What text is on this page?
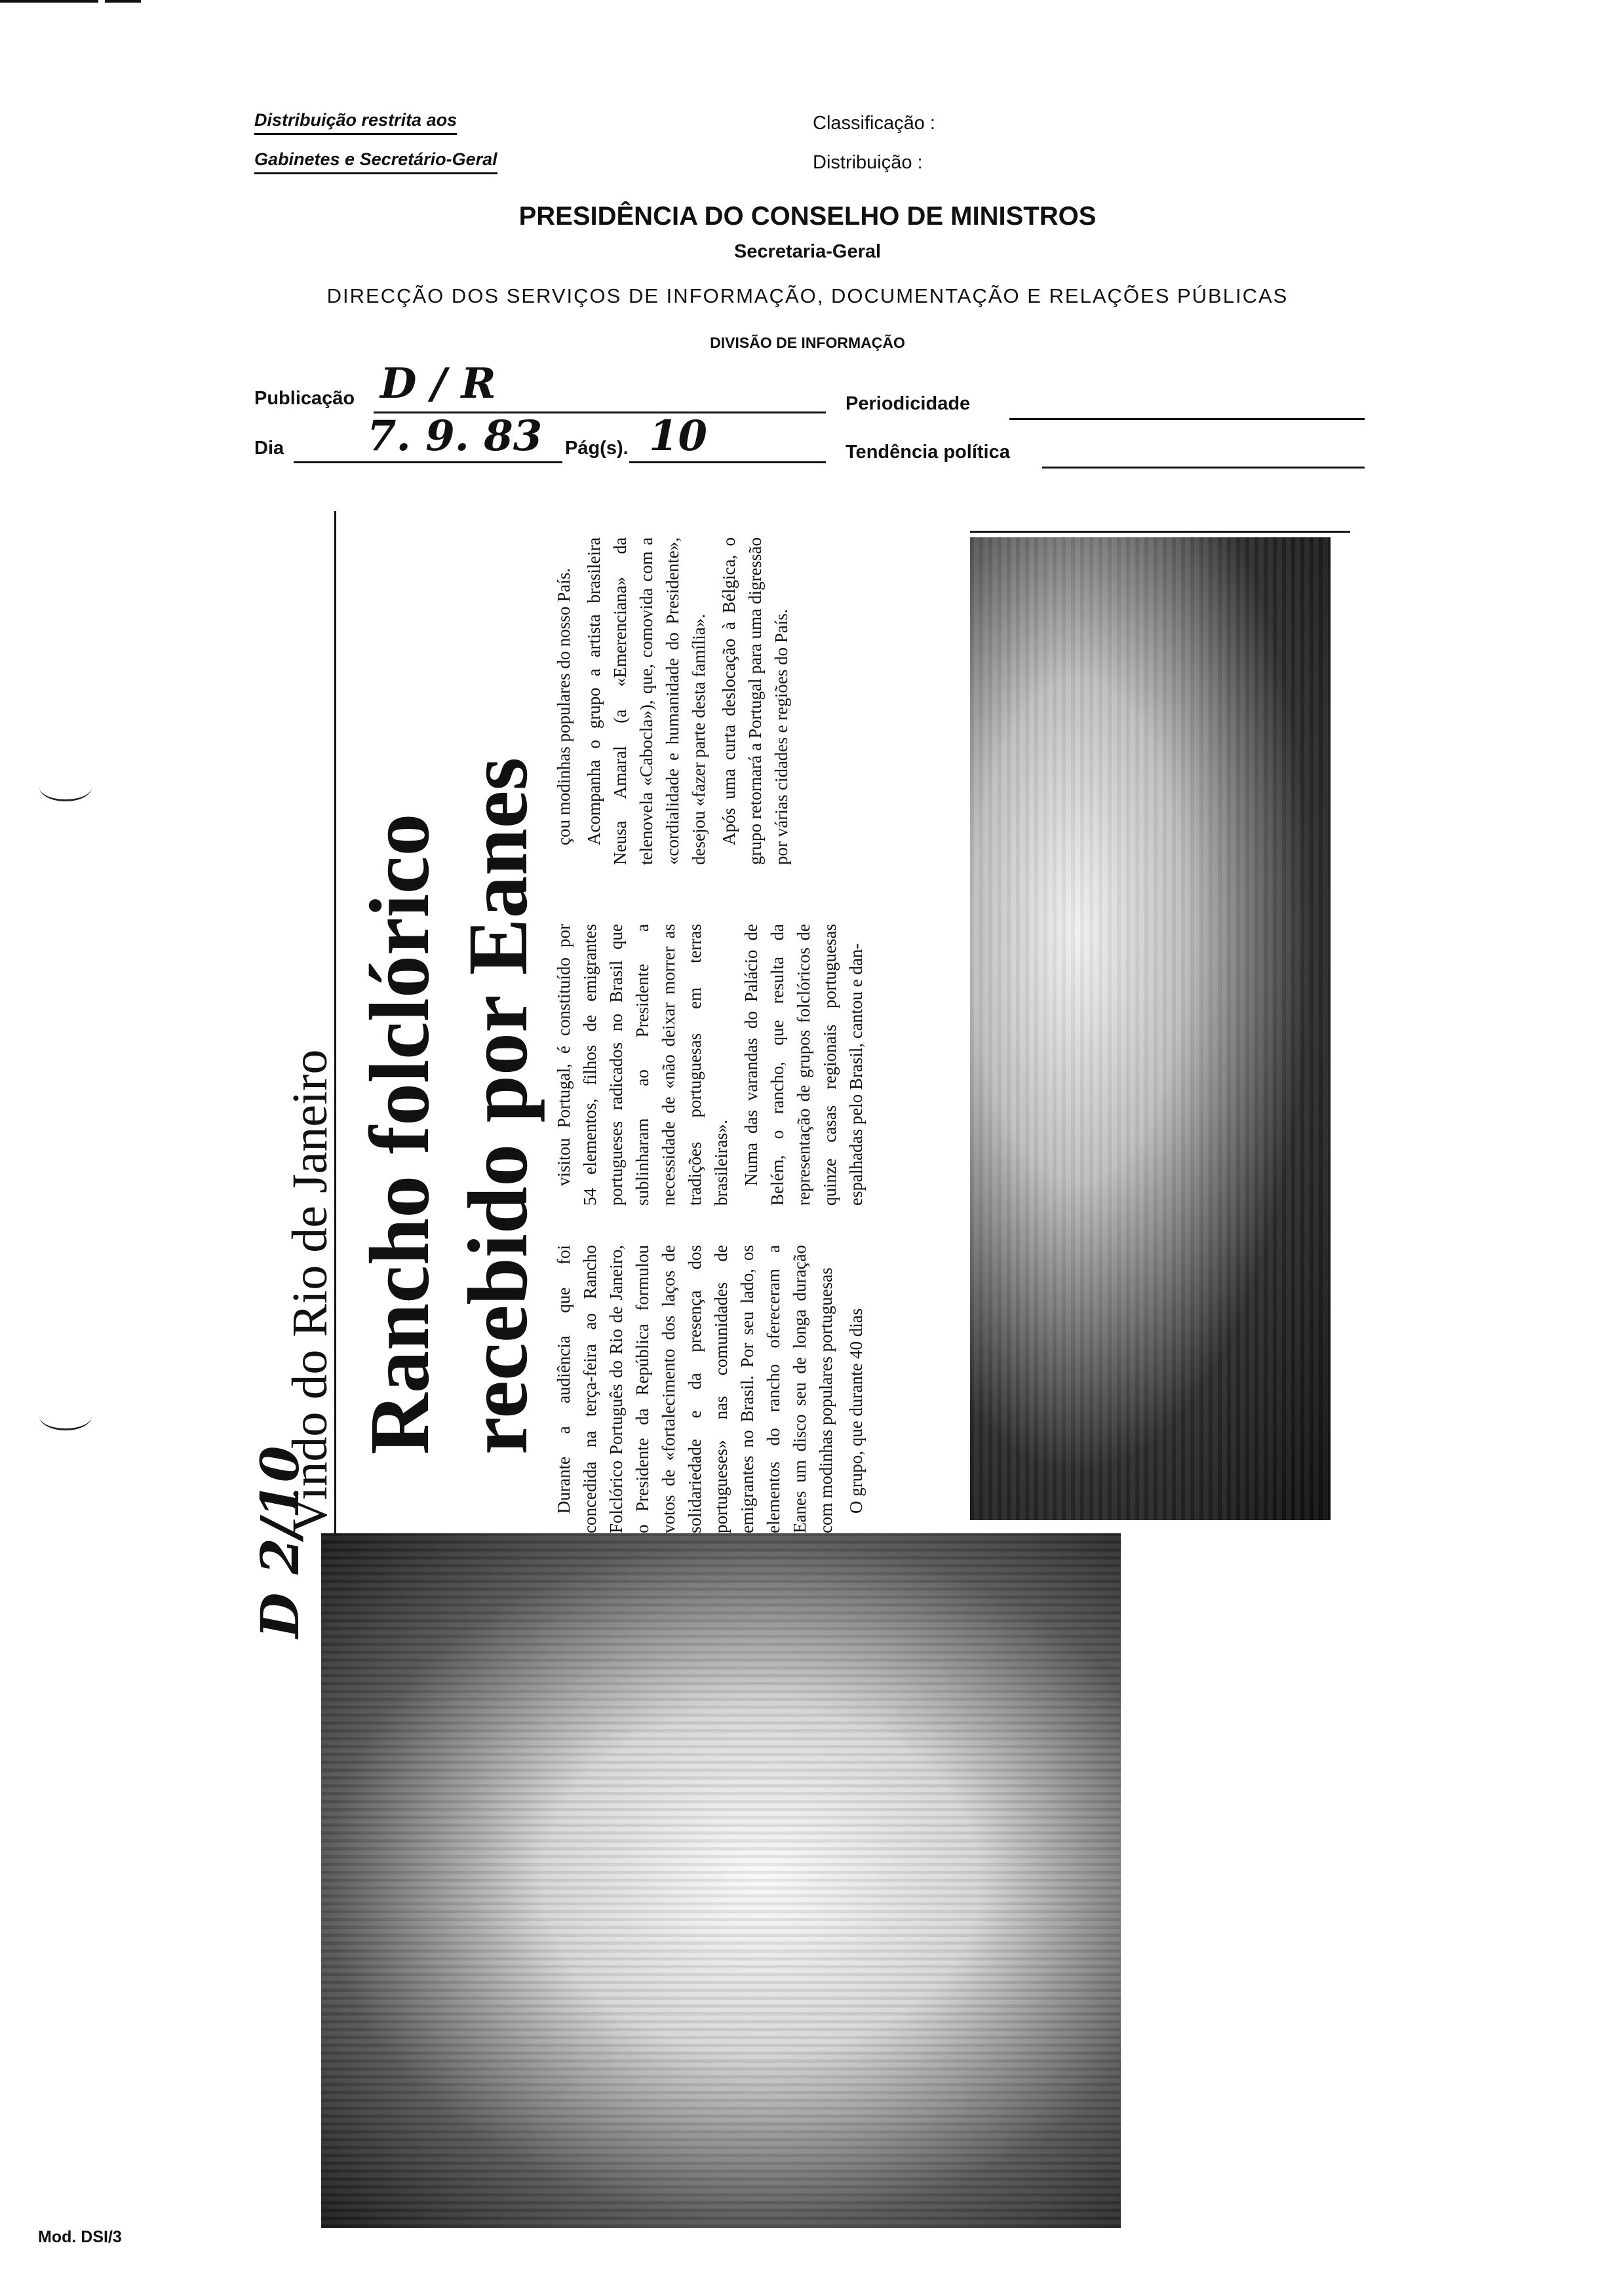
Distribuição restrita aos
Gabinetes e Secretário-Geral
Classificação :
Distribuição :
PRESIDÊNCIA DO CONSELHO DE MINISTROS
Secretaria-Geral
DIRECÇÃO DOS SERVIÇOS DE INFORMAÇÃO, DOCUMENTAÇÃO E RELAÇÕES PÚBLICAS
DIVISÃO DE INFORMAÇÃO
Publicação D / R	Periodicidade
Dia 7. 9. 83 Pág(s). 10	Tendência política
Vindo do Rio de Janeiro Rancho folclórico recebido por Eanes Durante a audiência que foi concedida na terça-feira ao Rancho Folclórico Português do Rio de Janeiro, o Presidente da República formulou votos de «fortalecimento dos laços de solidariedade e da presença dos portugueses» nas comunidades de emigrantes no Brasil. Por seu lado, os elementos do rancho ofereceram a Eanes um disco seu de longa duração com modinhas populares portuguesas O grupo, que durante 40 dias

visitou Portugal, é constituído por 54 elementos, filhos de emigrantes portugueses radicados no Brasil que sublinharam ao Presidente a necessidade de «não deixar morrer as tradições portuguesas em terras brasileiras». Numa das varandas do Palácio de Belém, o rancho, que resulta da representação de grupos folclóricos de quinze casas regionais portuguesas espalhadas pelo Brasil, cantou e dan-

çou modinhas populares do nosso País. Acompanha o grupo a artista brasileira Neusa Amaral (a «Emerenciana» da telenovela «Cabocla»), que, comovida com a «cordialidade e humanidade do Presidente», desejou «fazer parte desta família». Após uma curta deslocação à Bélgica, o grupo retornará a Portugal para uma digressão por várias cidades e regiões do País.

D 2/10
Mod. DSI/3
